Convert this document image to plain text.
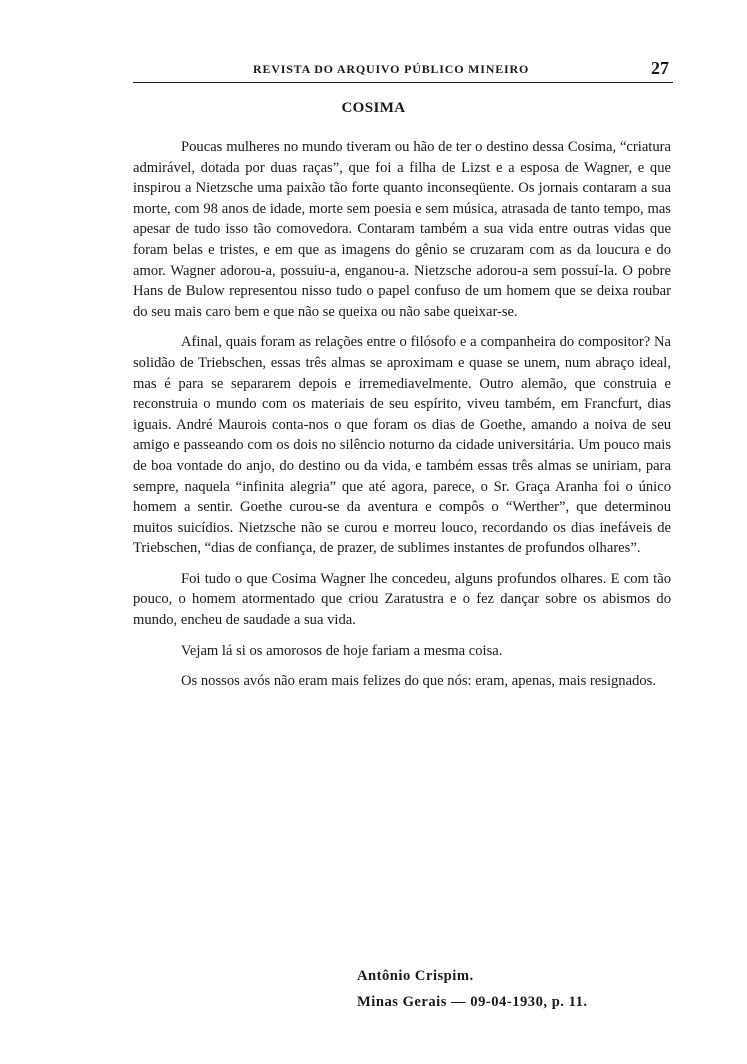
REVISTA DO ARQUIVO PÚBLICO MINEIRO	27
COSIMA

Poucas mulheres no mundo tiveram ou hão de ter o destino dessa Cosima, “criatura admirável, dotada por duas raças”, que foi a filha de Lizst e a esposa de Wagner, e que inspirou a Nietzsche uma paixão tão forte quanto inconseqüente. Os jornais contaram a sua morte, com 98 anos de idade, morte sem poesia e sem música, atrasada de tanto tempo, mas apesar de tudo isso tão comovedora. Contaram também a sua vida entre outras vidas que foram belas e tristes, e em que as imagens do gênio se cruzaram com as da loucura e do amor. Wagner adorou-a, possuiu-a, enganou-a. Nietzsche adorou-a sem possuí-la. O pobre Hans de Bulow representou nisso tudo o papel confuso de um homem que se deixa roubar do seu mais caro bem e que não se queixa ou não sabe queixar-se.

Afinal, quais foram as relações entre o filósofo e a companheira do compositor? Na solidão de Triebschen, essas três almas se aproximam e quase se unem, num abraço ideal, mas é para se separarem depois e irremediavelmente. Outro alemão, que construia e reconstruia o mundo com os materiais de seu espírito, viveu também, em Francfurt, dias iguais. André Maurois conta-nos o que foram os dias de Goethe, amando a noiva de seu amigo e passeando com os dois no silêncio noturno da cidade universitária. Um pouco mais de boa vontade do anjo, do destino ou da vida, e também essas três almas se uniriam, para sempre, naquela “infinita alegria” que até agora, parece, o Sr. Graça Aranha foi o único homem a sentir. Goethe curou-se da aventura e compôs o “Werther”, que determinou muitos suicídios. Nietzsche não se curou e morreu louco, recordando os dias inefáveis de Triebschen, “dias de confiança, de prazer, de sublimes instantes de profundos olhares”.

Foi tudo o que Cosima Wagner lhe concedeu, alguns profundos olhares. E com tão pouco, o homem atormentado que criou Zaratustra e o fez dançar sobre os abismos do mundo, encheu de saudade a sua vida.

Vejam lá si os amorosos de hoje fariam a mesma coisa.

Os nossos avós não eram mais felizes do que nós: eram, apenas, mais resignados.

Antônio Crispim.
Minas Gerais — 09-04-1930, p. 11.
